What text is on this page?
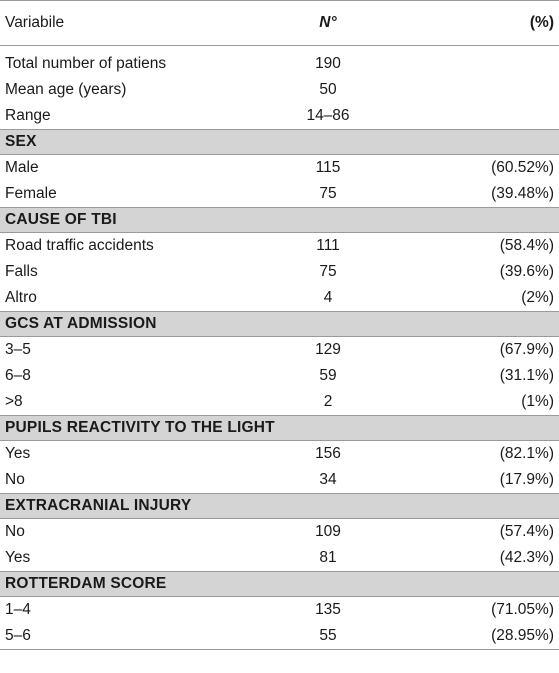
Variabile	N°	(%)
Total number of patiens	190
Mean age (years)	50
Range	14–86
SEX
Male	115	(60.52%)
Female	75	(39.48%)
CAUSE OF TBI
Road traffic accidents	111	(58.4%)
Falls	75	(39.6%)
Altro	4	(2%)
GCS AT ADMISSION
3–5	129	(67.9%)
6–8	59	(31.1%)
>8	2	(1%)
PUPILS REACTIVITY TO THE LIGHT
Yes	156	(82.1%)
No	34	(17.9%)
EXTRACRANIAL INJURY
No	109	(57.4%)
Yes	81	(42.3%)
ROTTERDAM SCORE
1–4	135	(71.05%)
5–6	55	(28.95%)
